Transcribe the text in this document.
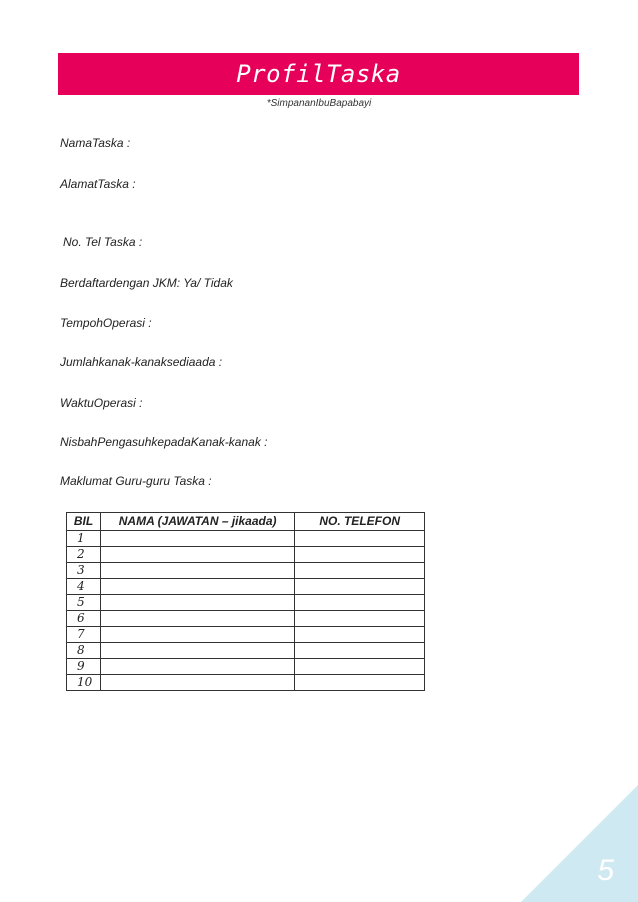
ProfilTaska
*SimpananIbuBapabayi
NamaTaska :
AlamatTaska :
No. Tel Taska :
Berdaftardengan JKM: Ya/ Tidak
TempohOperasi :
Jumlahkanak-kanaksediaada :
WaktuOperasi :
NisbahPengasuhkepadaKanak-kanak :
Maklumat Guru-guru Taska :
BIL	NAMA (JAWATAN – jikaada)	NO. TELEFON
1		
2		
3		
4		
5		
6		
7		
8		
9		
10		
5
